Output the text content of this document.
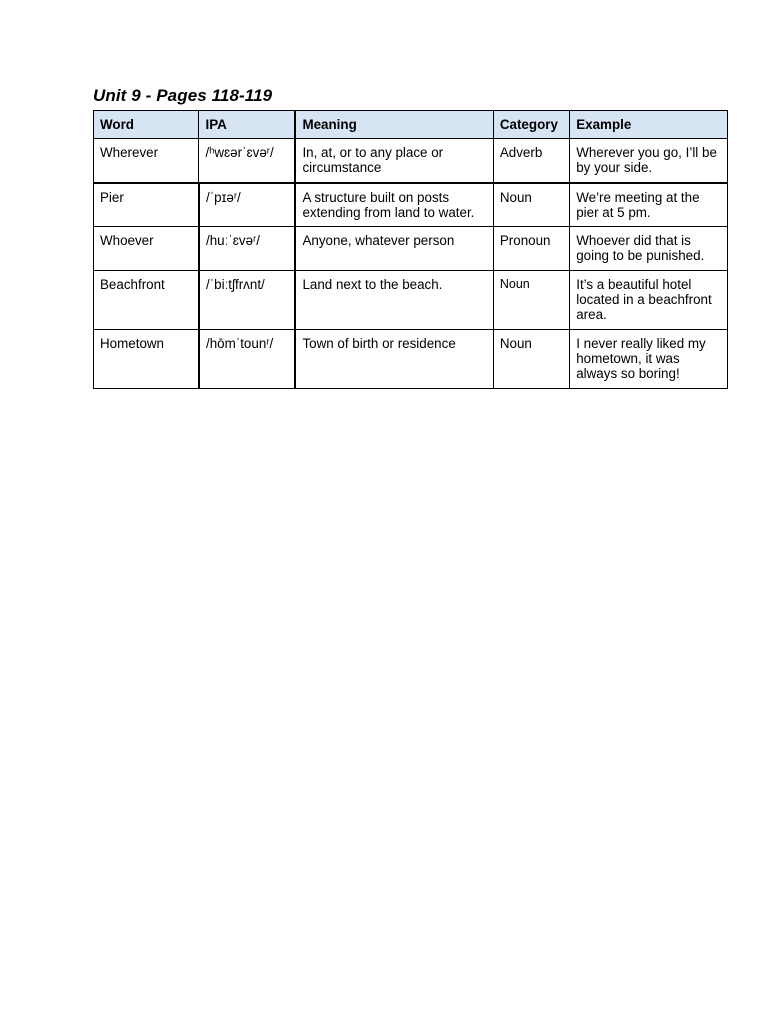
Unit 9 - Pages 118-119
Word	IPA	Meaning	Category	Example
Wherever	/ʰwɛərˈɛvəʳ/	In, at, or to any place or circumstance	Adverb	Wherever you go, I’ll be by your side.
Pier	/ˈpɪəʳ/	A structure built on posts extending from land to water.	Noun	We’re meeting at the pier at 5 pm.
Whoever	/huːˈɛvəʳ/	Anyone, whatever person	Pronoun	Whoever did that is going to be punished.
Beachfront	/ˈbiːtʃfrʌnt/	Land next to the beach.	Noun	It’s a beautiful hotel located in a beachfront area.
Hometown	/hōmˈtounʳ/	Town of birth or residence	Noun	I never really liked my hometown, it was always so boring!
